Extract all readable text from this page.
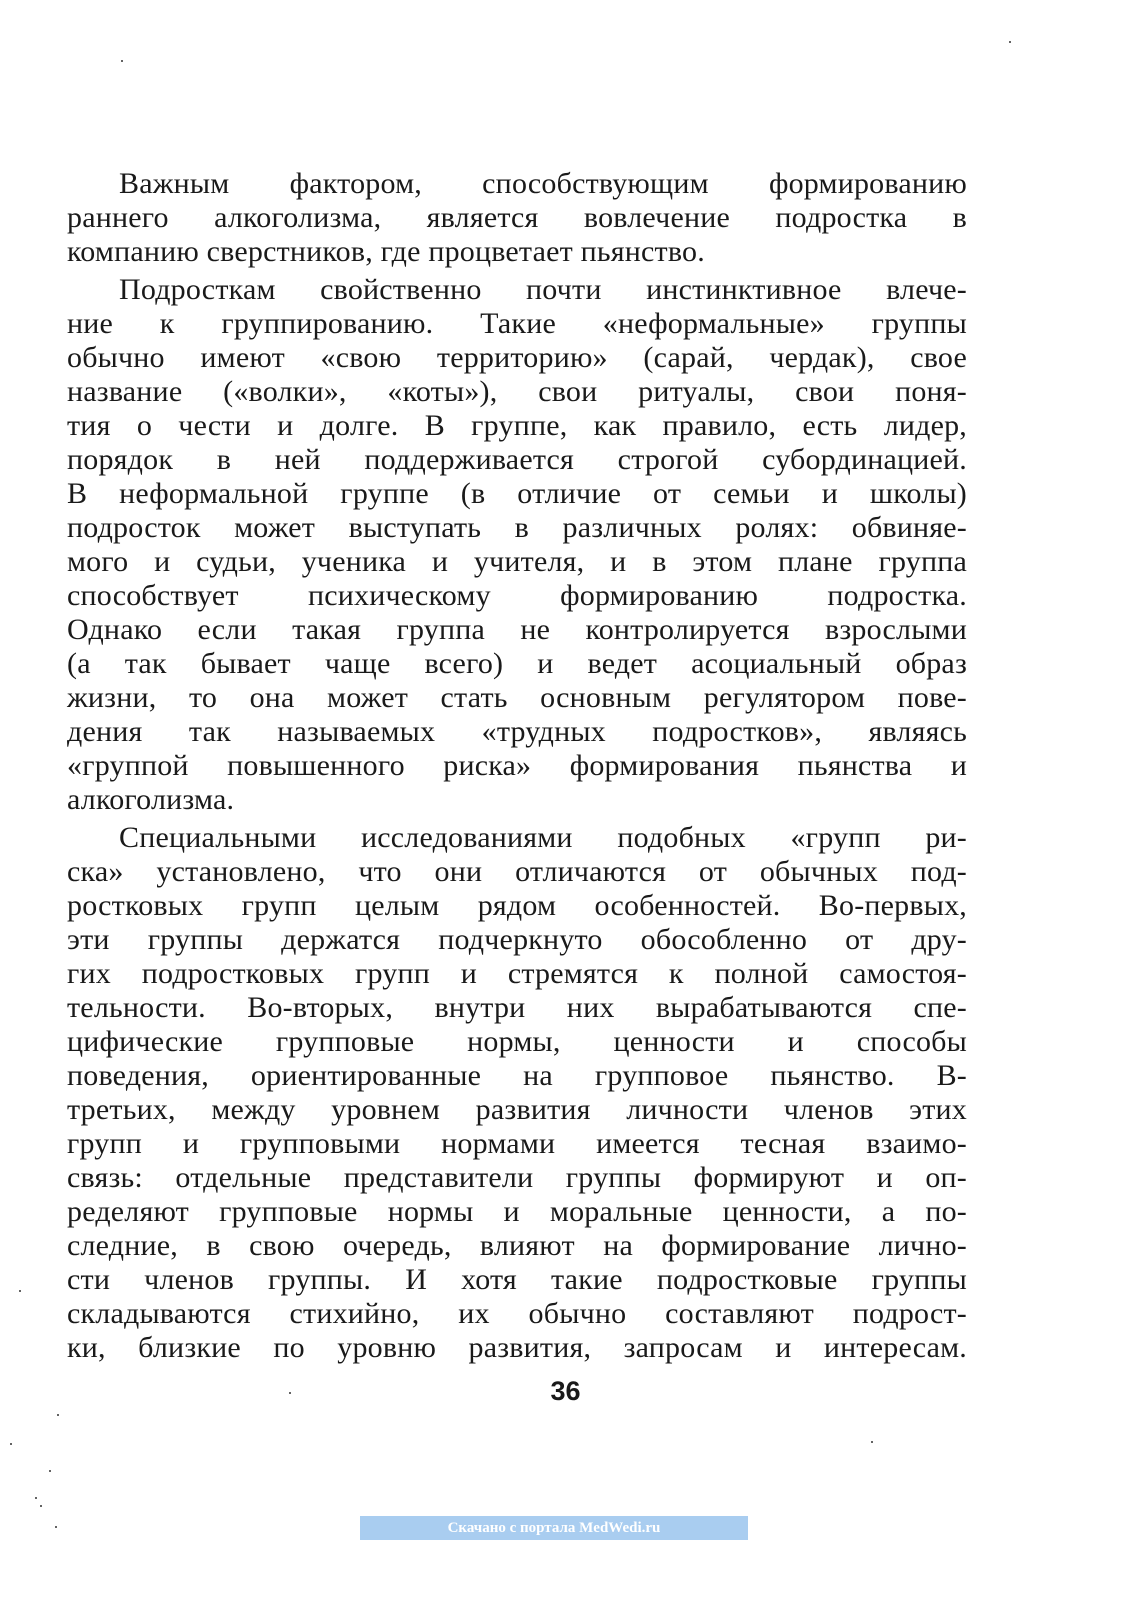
Важным фактором, способствующим формированию
раннего алкоголизма, является вовлечение подростка в
компанию сверстников, где процветает пьянство.

Подросткам свойственно почти инстинктивное влече-
ние к группированию. Такие «неформальные» группы
обычно имеют «свою территорию» (сарай, чердак), свое
название («волки», «коты»), свои ритуалы, свои поня-
тия о чести и долге. В группе, как правило, есть лидер,
порядок в ней поддерживается строгой субординацией.
В неформальной группе (в отличие от семьи и школы)
подросток может выступать в различных ролях: обвиняе-
мого и судьи, ученика и учителя, и в этом плане группа
способствует психическому формированию подростка.
Однако если такая группа не контролируется взрослыми
(а так бывает чаще всего) и ведет асоциальный образ
жизни, то она может стать основным регулятором пове-
дения так называемых «трудных подростков», являясь
«группой повышенного риска» формирования пьянства и
алкоголизма.

Специальными исследованиями подобных «групп ри-
ска» установлено, что они отличаются от обычных под-
ростковых групп целым рядом особенностей. Во-первых,
эти группы держатся подчеркнуто обособленно от дру-
гих подростковых групп и стремятся к полной самостоя-
тельности. Во-вторых, внутри них вырабатываются спе-
цифические групповые нормы, ценности и способы
поведения, ориентированные на групповое пьянство. В-
третьих, между уровнем развития личности членов этих
групп и групповыми нормами имеется тесная взаимо-
связь: отдельные представители группы формируют и оп-
ределяют групповые нормы и моральные ценности, а по-
следние, в свою очередь, влияют на формирование лично-
сти членов группы. И хотя такие подростковые группы
складываются стихийно, их обычно составляют подрост-
ки, близкие по уровню развития, запросам и интересам.

36
Скачано с портала MedWedi.ru
